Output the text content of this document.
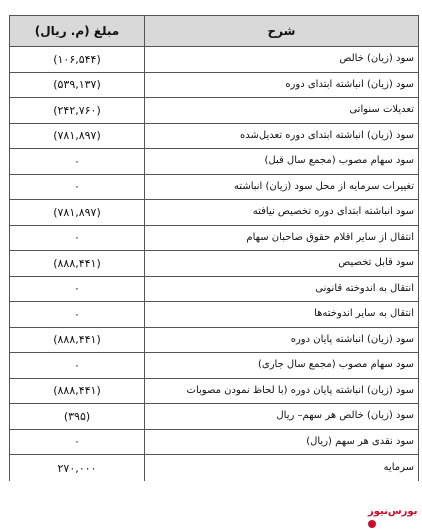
شرح	مبلغ (م. ریال)
سود (زیان) خالص	(۱۰۶,۵۴۴)
سود (زیان) انباشته ابتدای دوره	(۵۳۹,۱۳۷)
تعدیلات سنواتی	(۲۴۲,۷۶۰)
سود (زیان) انباشته ابتدای دوره تعدیل‌شده	(۷۸۱,۸۹۷)
سود سهام مصوب (مجمع سال قبل)	۰
تغییرات سرمایه از محل سود (زیان) انباشته	۰
سود انباشته ابتدای دوره تخصیص نیافته	(۷۸۱,۸۹۷)
انتقال از سایر اقلام حقوق صاحبان سهام	۰
سود قابل تخصیص	(۸۸۸,۴۴۱)
انتقال به اندوخته قانونی	۰
انتقال به سایر اندوخته‌ها	۰
سود (زیان) انباشته پایان دوره	(۸۸۸,۴۴۱)
سود سهام مصوب (مجمع سال جاری)	۰
سود (زیان) انباشته پایان دوره (با لحاظ نمودن مصوبات	(۸۸۸,۴۴۱)
سود (زیان) خالص هر سهم– ریال	(۳۹۵)
سود نقدی هر سهم (ریال)	۰
سرمایه	۲۷۰,۰۰۰
بورس‌نیوز
